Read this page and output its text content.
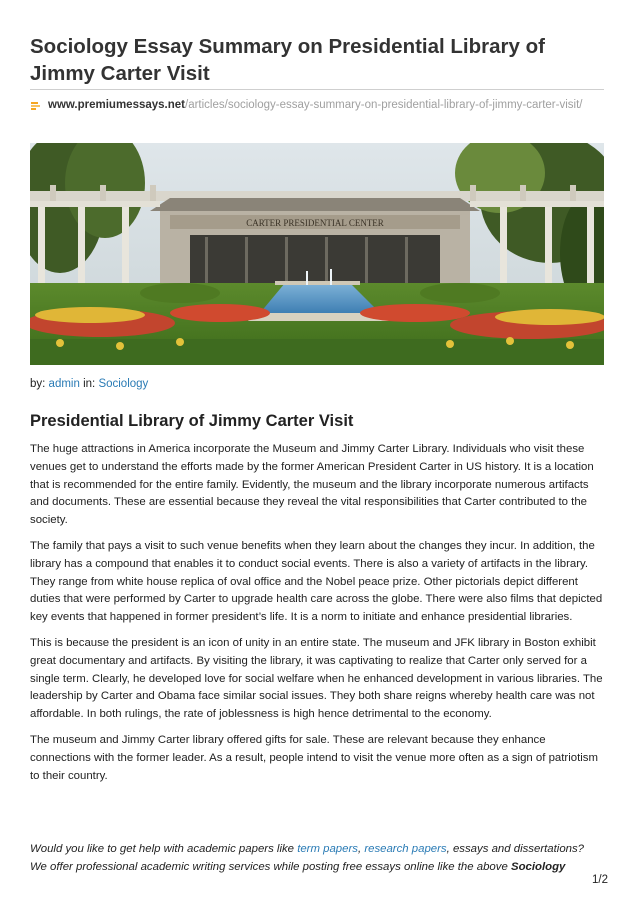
Sociology Essay Summary on Presidential Library of Jimmy Carter Visit
www.premiumessays.net /articles/sociology-essay-summary-on-presidential-library-of-jimmy-carter-visit/
CARTER PRESIDENTIAL CENTER
by: admin in: Sociology
Presidential Library of Jimmy Carter Visit

The huge attractions in America incorporate the Museum and Jimmy Carter Library. Individuals who visit these venues get to understand the efforts made by the former American President Carter in US history. It is a location that is recommended for the entire family. Evidently, the museum and the library incorporate numerous artifacts and documents. These are essential because they reveal the vital responsibilities that Carter contributed to the society.

The family that pays a visit to such venue benefits when they learn about the changes they incur. In addition, the library has a compound that enables it to conduct social events. There is also a variety of artifacts in the library. They range from white house replica of oval office and the Nobel peace prize. Other pictorials depict different duties that were performed by Carter to upgrade health care across the globe. There were also films that depicted key events that happened in former president’s life. It is a norm to initiate and enhance presidential libraries.

This is because the president is an icon of unity in an entire state. The museum and JFK library in Boston exhibit great documentary and artifacts. By visiting the library, it was captivating to realize that Carter only served for a single term. Clearly, he developed love for social welfare when he enhanced development in various libraries. The leadership by Carter and Obama face similar social issues. They both share reigns whereby health care was not affordable. In both rulings, the rate of joblessness is high hence detrimental to the economy.

The museum and Jimmy Carter library offered gifts for sale. These are relevant because they enhance connections with the former leader. As a result, people intend to visit the venue more often as a sign of patriotism to their country.

Would you like to get help with academic papers like term papers, research papers, essays and dissertations?
We offer professional academic writing services while posting free essays online like the above Sociology
1/2
